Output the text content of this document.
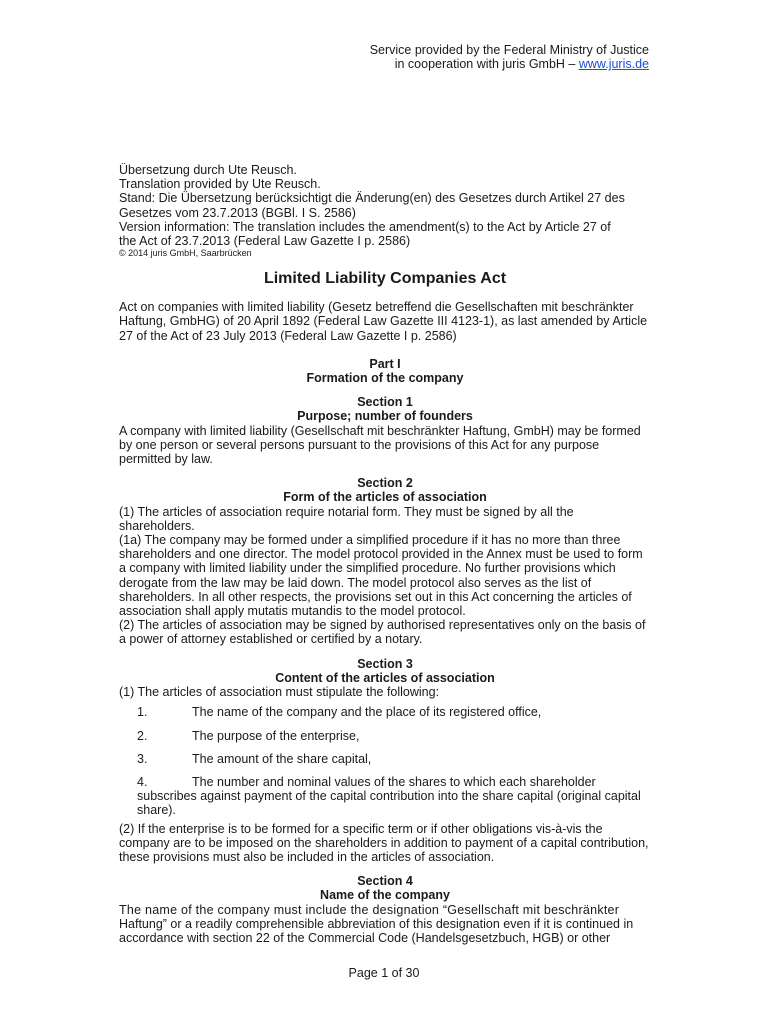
Service provided by the Federal Ministry of Justice
in cooperation with juris GmbH – www.juris.de
Übersetzung durch Ute Reusch.
Translation provided by Ute Reusch.
Stand: Die Übersetzung berücksichtigt die Änderung(en) des Gesetzes durch Artikel 27 des
Gesetzes vom 23.7.2013 (BGBl. I S. 2586)
Version information: The translation includes the amendment(s) to the Act by Article 27 of
the Act of 23.7.2013 (Federal Law Gazette I p. 2586)
© 2014 juris GmbH, Saarbrücken
Limited Liability Companies Act

Act on companies with limited liability (Gesetz betreffend die Gesellschaften mit beschränkter Haftung, GmbHG) of 20 April 1892 (Federal Law Gazette III 4123-1), as last amended by Article 27 of the Act of 23 July 2013 (Federal Law Gazette I p. 2586)

Part I
Formation of the company
Section 1
Purpose; number of founders

A company with limited liability (Gesellschaft mit beschränkter Haftung, GmbH) may be formed by one person or several persons pursuant to the provisions of this Act for any purpose permitted by law.

Section 2
Form of the articles of association

(1) The articles of association require notarial form. They must be signed by all the shareholders.

(1a) The company may be formed under a simplified procedure if it has no more than three shareholders and one director. The model protocol provided in the Annex must be used to form a company with limited liability under the simplified procedure. No further provisions which derogate from the law may be laid down. The model protocol also serves as the list of shareholders. In all other respects, the provisions set out in this Act concerning the articles of association shall apply mutatis mutandis to the model protocol.

(2) The articles of association may be signed by authorised representatives only on the basis of a power of attorney established or certified by a notary.

Section 3
Content of the articles of association

(1) The articles of association must stipulate the following:

1.	The name of the company and the place of its registered office,
2.	The purpose of the enterprise,
3.	The amount of the share capital,
4.	The number and nominal values of the shares to which each shareholder
subscribes against payment of the capital contribution into the share capital (original capital share).

(2) If the enterprise is to be formed for a specific term or if other obligations vis-à-vis the company are to be imposed on the shareholders in addition to payment of a capital contribution, these provisions must also be included in the articles of association.

Section 4
Name of the company
The name of the company must include the designation “Gesellschaft mit beschränkter
Haftung” or a readily comprehensible abbreviation of this designation even if it is continued in accordance with section 22 of the Commercial Code (Handelsgesetzbuch, HGB) or other
Page 1 of 30
